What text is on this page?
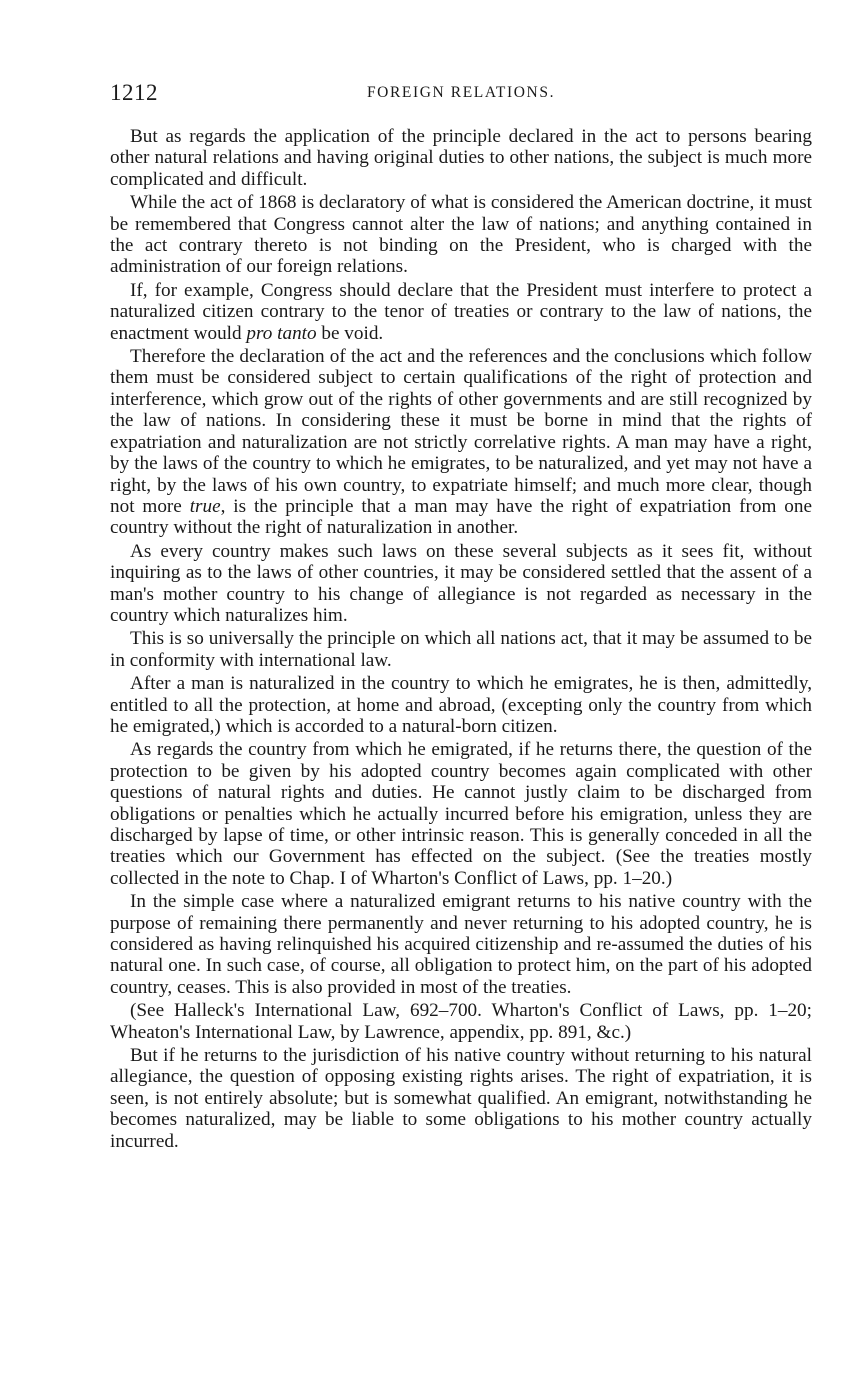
1212	FOREIGN RELATIONS.

But as regards the application of the principle declared in the act to persons bearing other natural relations and having original duties to other nations, the subject is much more complicated and difficult.

While the act of 1868 is declaratory of what is considered the American doctrine, it must be remembered that Congress cannot alter the law of nations; and anything contained in the act contrary thereto is not binding on the President, who is charged with the administration of our foreign relations.

If, for example, Congress should declare that the President must interfere to protect a naturalized citizen contrary to the tenor of treaties or contrary to the law of nations, the enactment would pro tanto be void.

Therefore the declaration of the act and the references and the conclusions which follow them must be considered subject to certain qualifications of the right of protection and interference, which grow out of the rights of other governments and are still recognized by the law of nations. In considering these it must be borne in mind that the rights of expatriation and naturalization are not strictly correlative rights. A man may have a right, by the laws of the country to which he emigrates, to be naturalized, and yet may not have a right, by the laws of his own country, to expatriate himself; and much more clear, though not more true, is the principle that a man may have the right of expatriation from one country without the right of naturalization in another.

As every country makes such laws on these several subjects as it sees fit, without inquiring as to the laws of other countries, it may be considered settled that the assent of a man's mother country to his change of allegiance is not regarded as necessary in the country which naturalizes him.

This is so universally the principle on which all nations act, that it may be assumed to be in conformity with international law.

After a man is naturalized in the country to which he emigrates, he is then, admittedly, entitled to all the protection, at home and abroad, (excepting only the country from which he emigrated,) which is accorded to a natural-born citizen.

As regards the country from which he emigrated, if he returns there, the question of the protection to be given by his adopted country becomes again complicated with other questions of natural rights and duties. He cannot justly claim to be discharged from obligations or penalties which he actually incurred before his emigration, unless they are discharged by lapse of time, or other intrinsic reason. This is generally conceded in all the treaties which our Government has effected on the subject. (See the treaties mostly collected in the note to Chap. I of Wharton's Conflict of Laws, pp. 1–20.)

In the simple case where a naturalized emigrant returns to his native country with the purpose of remaining there permanently and never returning to his adopted country, he is considered as having relinquished his acquired citizenship and re-assumed the duties of his natural one. In such case, of course, all obligation to protect him, on the part of his adopted country, ceases. This is also provided in most of the treaties.

(See Halleck's International Law, 692–700. Wharton's Conflict of Laws, pp. 1–20; Wheaton's International Law, by Lawrence, appendix, pp. 891, &c.)

But if he returns to the jurisdiction of his native country without returning to his natural allegiance, the question of opposing existing rights arises. The right of expatriation, it is seen, is not entirely absolute; but is somewhat qualified. An emigrant, notwithstanding he becomes naturalized, may be liable to some obligations to his mother country actually incurred.
